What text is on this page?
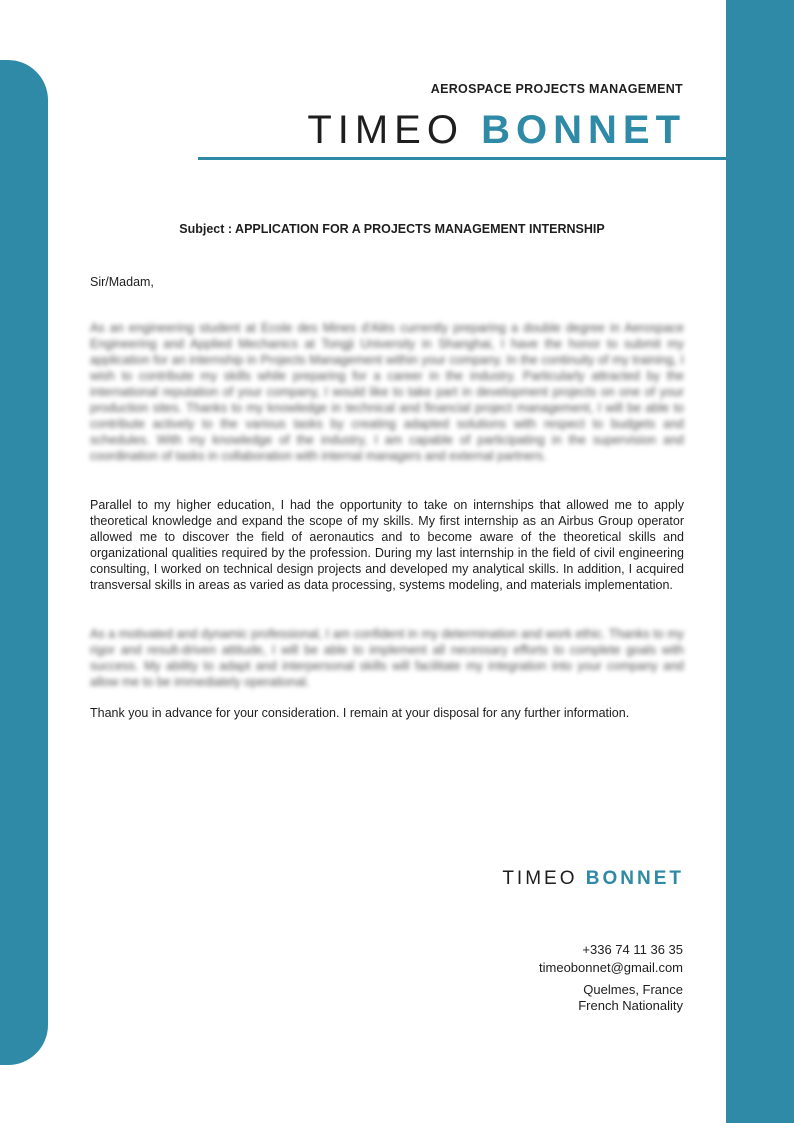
AEROSPACE PROJECTS MANAGEMENT
TIMEO BONNET
Subject : APPLICATION FOR A PROJECTS MANAGEMENT INTERNSHIP
Sir/Madam,
As an engineering student at Ecole des Mines d'Alès currently preparing a double degree in Aerospace Engineering and Applied Mechanics at Tongji University in Shanghai, I have the honor to submit my application for an internship in Projects Management within your company. In the continuity of my training, I wish to contribute my skills while preparing for a career in the industry. Particularly attracted by the international reputation of your company, I would like to take part in development projects on one of your production sites. Thanks to my knowledge in technical and financial project management, I will be able to contribute actively to the various tasks by creating adapted solutions with respect to budgets and schedules. With my knowledge of the industry, I am capable of participating in the supervision and coordination of tasks in collaboration with internal managers and external partners.
Parallel to my higher education, I had the opportunity to take on internships that allowed me to apply theoretical knowledge and expand the scope of my skills. My first internship as an Airbus Group operator allowed me to discover the field of aeronautics and to become aware of the theoretical skills and organizational qualities required by the profession. During my last internship in the field of civil engineering consulting, I worked on technical design projects and developed my analytical skills. In addition, I acquired transversal skills in areas as varied as data processing, systems modeling, and materials implementation.
As a motivated and dynamic professional, I am confident in my determination and work ethic. Thanks to my rigor and result-driven attitude, I will be able to implement all necessary efforts to complete goals with success. My ability to adapt and interpersonal skills will facilitate my integration into your company and allow me to be immediately operational.
Thank you in advance for your consideration. I remain at your disposal for any further information.
TIMEO BONNET
+336 74 11 36 35
timeobonnet@gmail.com
Quelmes, France
French Nationality
